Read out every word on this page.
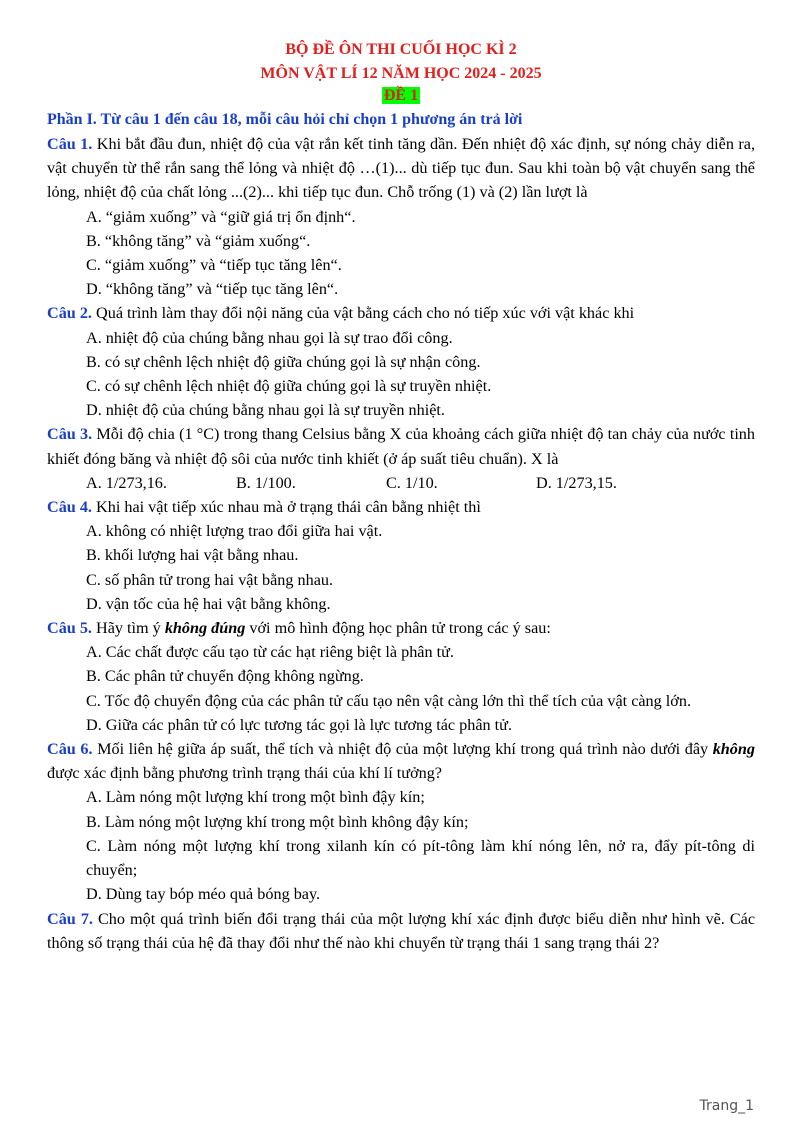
BỘ ĐỀ ÔN THI CUỐI HỌC KÌ 2
MÔN VẬT LÍ 12 NĂM HỌC 2024 - 2025
ĐỀ 1
Phần I. Từ câu 1 đến câu 18, mỗi câu hỏi chỉ chọn 1 phương án trả lời
Câu 1. Khi bắt đầu đun, nhiệt độ của vật rắn kết tinh tăng dần. Đến nhiệt độ xác định, sự nóng chảy diễn ra, vật chuyển từ thể rắn sang thể lỏng và nhiệt độ …(1)... dù tiếp tục đun. Sau khi toàn bộ vật chuyển sang thể lỏng, nhiệt độ của chất lỏng ...(2)... khi tiếp tục đun. Chỗ trống (1) và (2) lần lượt là
A. “giảm xuống” và “giữ giá trị ổn định“.
B. “không tăng” và “giảm xuống“.
C. “giảm xuống” và “tiếp tục tăng lên“.
D. “không tăng” và “tiếp tục tăng lên“.
Câu 2. Quá trình làm thay đổi nội năng của vật bằng cách cho nó tiếp xúc với vật khác khi
A. nhiệt độ của chúng bằng nhau gọi là sự trao đổi công.
B. có sự chênh lệch nhiệt độ giữa chúng gọi là sự nhận công.
C. có sự chênh lệch nhiệt độ giữa chúng gọi là sự truyền nhiệt.
D. nhiệt độ của chúng bằng nhau gọi là sự truyền nhiệt.
Câu 3. Mỗi độ chia (1 °C) trong thang Celsius bằng X của khoảng cách giữa nhiệt độ tan chảy của nước tinh khiết đóng băng và nhiệt độ sôi của nước tinh khiết (ở áp suất tiêu chuẩn). X là
A. 1/273,16.	B. 1/100.	C. 1/10.	D. 1/273,15.
Câu 4. Khi hai vật tiếp xúc nhau mà ở trạng thái cân bằng nhiệt thì
A. không có nhiệt lượng trao đổi giữa hai vật.
B. khối lượng hai vật bằng nhau.
C. số phân tử trong hai vật bằng nhau.
D. vận tốc của hệ hai vật bằng không.
Câu 5. Hãy tìm ý không đúng với mô hình động học phân tử trong các ý sau:
A. Các chất được cấu tạo từ các hạt riêng biệt là phân tử.
B. Các phân tử chuyển động không ngừng.
C. Tốc độ chuyển động của các phân tử cấu tạo nên vật càng lớn thì thể tích của vật càng lớn.
D. Giữa các phân tử có lực tương tác gọi là lực tương tác phân tử.
Câu 6. Mối liên hệ giữa áp suất, thể tích và nhiệt độ của một lượng khí trong quá trình nào dưới đây không được xác định bằng phương trình trạng thái của khí lí tưởng?
A. Làm nóng một lượng khí trong một bình đậy kín;
B. Làm nóng một lượng khí trong một bình không đậy kín;
C. Làm nóng một lượng khí trong xilanh kín có pít-tông làm khí nóng lên, nở ra, đẩy pít-tông di chuyển;
D. Dùng tay bóp méo quả bóng bay.
Câu 7. Cho một quá trình biến đổi trạng thái của một lượng khí xác định được biểu diễn như hình vẽ. Các thông số trạng thái của hệ đã thay đổi như thế nào khi chuyển từ trạng thái 1 sang trạng thái 2?
Trang_1
